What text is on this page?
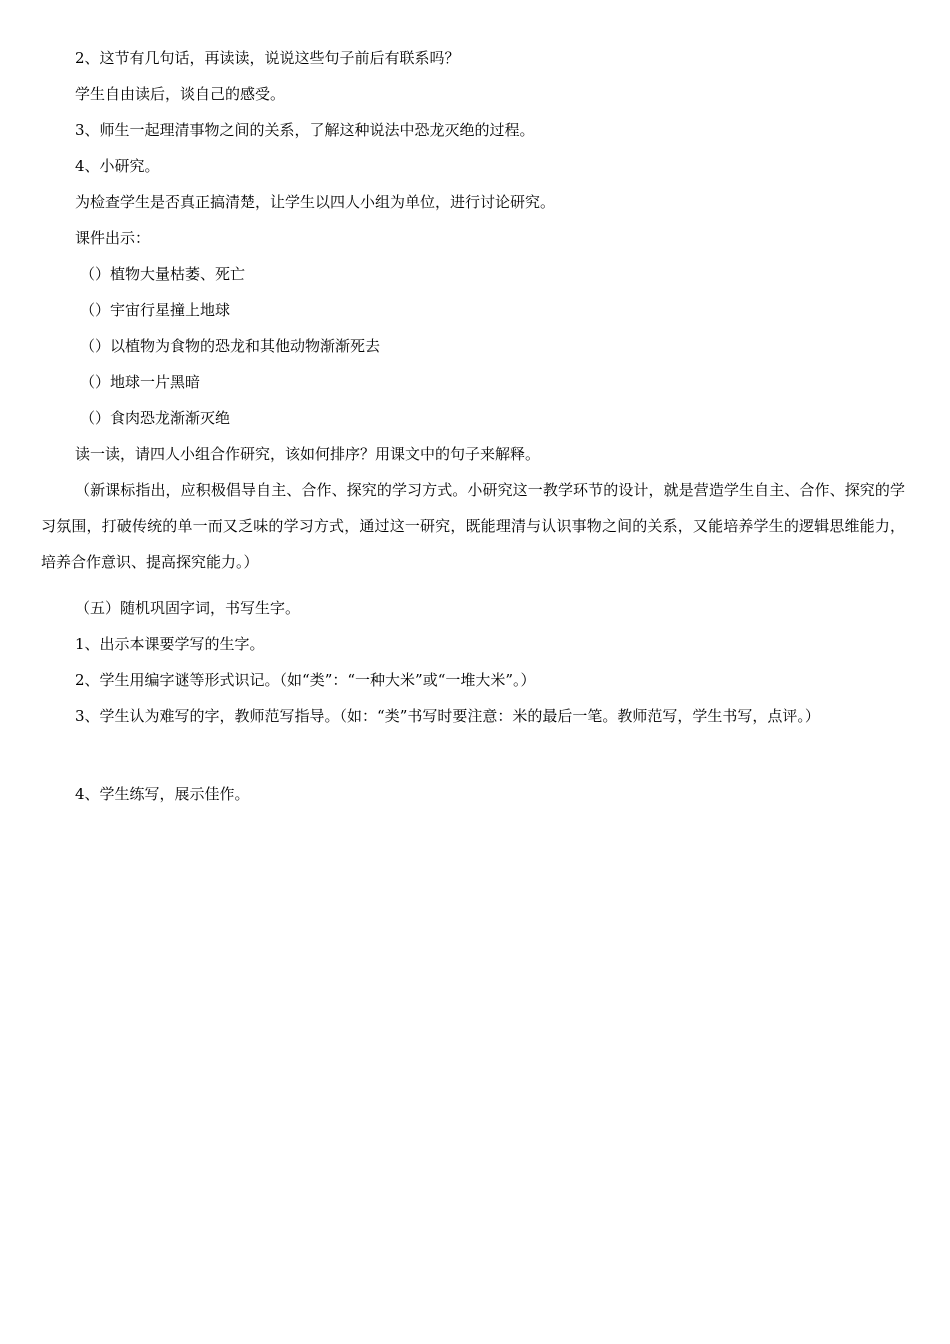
2、这节有几句话，再读读，说说这些句子前后有联系吗？
学生自由读后，谈自己的感受。
3、师生一起理清事物之间的关系，了解这种说法中恐龙灭绝的过程。
4、小研究。
为检查学生是否真正搞清楚，让学生以四人小组为单位，进行讨论研究。
课件出示：
（）植物大量枯萎、死亡
（）宇宙行星撞上地球
（）以植物为食物的恐龙和其他动物渐渐死去
（）地球一片黑暗
（）食肉恐龙渐渐灭绝
读一读，请四人小组合作研究，该如何排序？用课文中的句子来解释。
（新课标指出，应积极倡导自主、合作、探究的学习方式。小研究这一教学环节的设计，就是营造学生自主、合作、探究的学习氛围，打破传统的单一而又乏味的学习方式，通过这一研究，既能理清与认识事物之间的关系，又能培养学生的逻辑思维能力，培养合作意识、提高探究能力。）
（五）随机巩固字词，书写生字。
1、出示本课要学写的生字。
2、学生用编字谜等形式识记。（如“类”：“一种大米”或“一堆大米”。）
3、学生认为难写的字，教师范写指导。（如：“类”书写时要注意：米的最后一笔。教师范写，学生书写，点评。）
4、学生练写，展示佳作。
